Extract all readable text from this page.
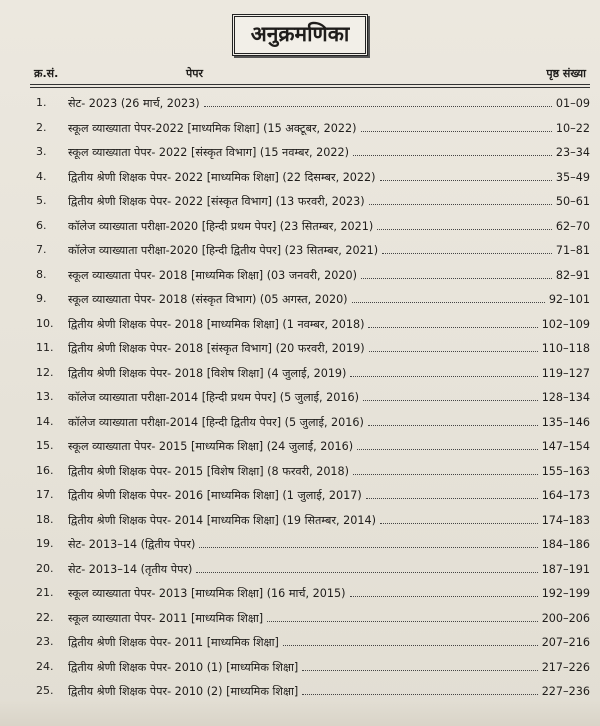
अनुक्रमणिका
क्र.सं.	पेपर	पृष्ठ संख्या
1. सेट- 2023 (26 मार्च, 2023)	01–09
2. स्कूल व्याख्याता पेपर-2022 [माध्यमिक शिक्षा] (15 अक्टूबर, 2022)	10–22
3. स्कूल व्याख्याता पेपर- 2022 [संस्कृत विभाग] (15 नवम्बर, 2022)	23–34
4. द्वितीय श्रेणी शिक्षक पेपर- 2022 [माध्यमिक शिक्षा] (22 दिसम्बर, 2022)	35–49
5. द्वितीय श्रेणी शिक्षक पेपर- 2022 [संस्कृत विभाग] (13 फरवरी, 2023)	50–61
6. कॉलेज व्याख्याता परीक्षा-2020 [हिन्दी प्रथम पेपर] (23 सितम्बर, 2021)	62–70
7. कॉलेज व्याख्याता परीक्षा-2020 [हिन्दी द्वितीय पेपर] (23 सितम्बर, 2021)	71–81
8. स्कूल व्याख्याता पेपर- 2018 [माध्यमिक शिक्षा] (03 जनवरी, 2020)	82–91
9. स्कूल व्याख्याता पेपर- 2018 (संस्कृत विभाग) (05 अगस्त, 2020)	92–101
10. द्वितीय श्रेणी शिक्षक पेपर- 2018 [माध्यमिक शिक्षा] (1 नवम्बर, 2018)	102–109
11. द्वितीय श्रेणी शिक्षक पेपर- 2018 [संस्कृत विभाग] (20 फरवरी, 2019)	110–118
12. द्वितीय श्रेणी शिक्षक पेपर- 2018 [विशेष शिक्षा] (4 जुलाई, 2019)	119–127
13. कॉलेज व्याख्याता परीक्षा-2014 [हिन्दी प्रथम पेपर] (5 जुलाई, 2016)	128–134
14. कॉलेज व्याख्याता परीक्षा-2014 [हिन्दी द्वितीय पेपर] (5 जुलाई, 2016)	135–146
15. स्कूल व्याख्याता पेपर- 2015 [माध्यमिक शिक्षा] (24 जुलाई, 2016)	147–154
16. द्वितीय श्रेणी शिक्षक पेपर- 2015 [विशेष शिक्षा] (8 फरवरी, 2018)	155–163
17. द्वितीय श्रेणी शिक्षक पेपर- 2016 [माध्यमिक शिक्षा] (1 जुलाई, 2017)	164–173
18. द्वितीय श्रेणी शिक्षक पेपर- 2014 [माध्यमिक शिक्षा] (19 सितम्बर, 2014)	174–183
19. सेट- 2013–14 (द्वितीय पेपर)	184–186
20. सेट- 2013–14 (तृतीय पेपर)	187–191
21. स्कूल व्याख्याता पेपर- 2013 [माध्यमिक शिक्षा] (16 मार्च, 2015)	192–199
22. स्कूल व्याख्याता पेपर- 2011 [माध्यमिक शिक्षा]	200–206
23. द्वितीय श्रेणी शिक्षक पेपर- 2011 [माध्यमिक शिक्षा]	207–216
24. द्वितीय श्रेणी शिक्षक पेपर- 2010 (1) [माध्यमिक शिक्षा]	217–226
25. द्वितीय श्रेणी शिक्षक पेपर- 2010 (2) [माध्यमिक शिक्षा]	227–236
